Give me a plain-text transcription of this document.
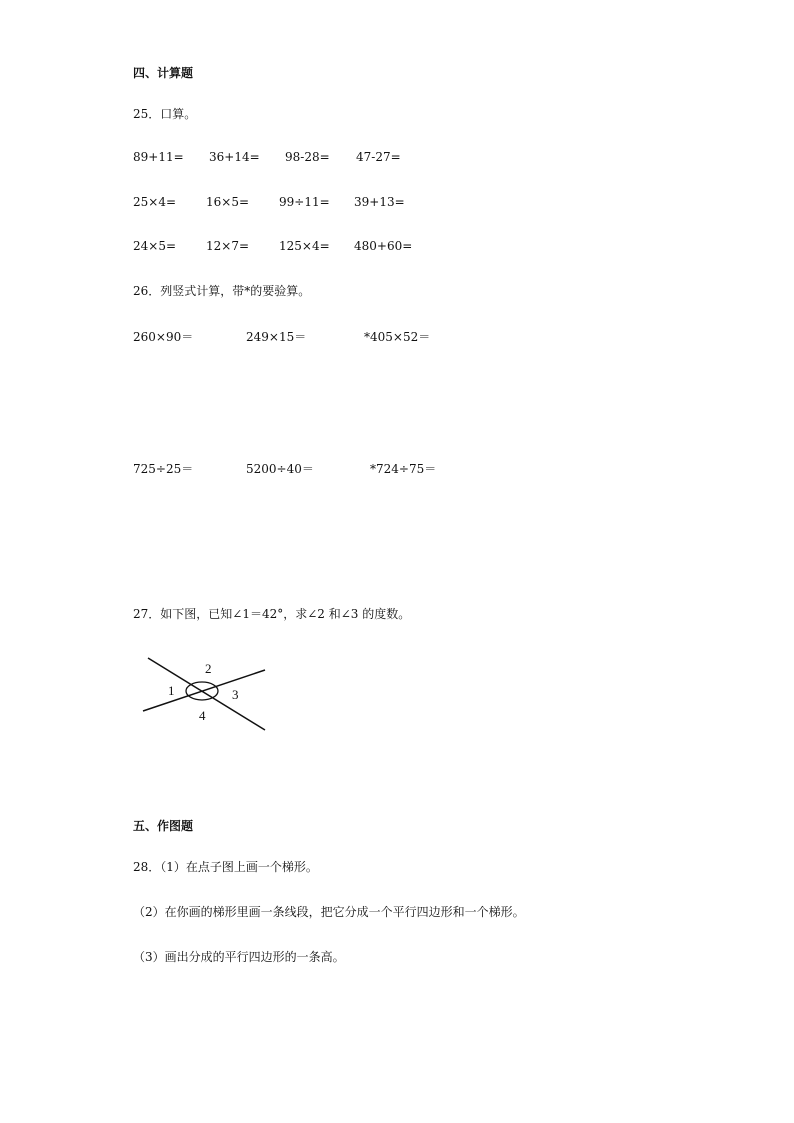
四、计算题
25．口算。
89+11= 36+14= 98-28= 47-27=
25×4= 16×5= 99÷11= 39+13=
24×5= 12×7= 125×4= 480+60=
26．列竖式计算，带*的要验算。
260×90＝	249×15＝	*405×52＝
725÷25＝	5200÷40＝	*724÷75＝
27．如下图，已知∠1＝42°，求∠2 和∠3 的度数。
1
2
3
4
五、作图题
28．（1）在点子图上画一个梯形。
（2）在你画的梯形里画一条线段，把它分成一个平行四边形和一个梯形。
（3）画出分成的平行四边形的一条高。
